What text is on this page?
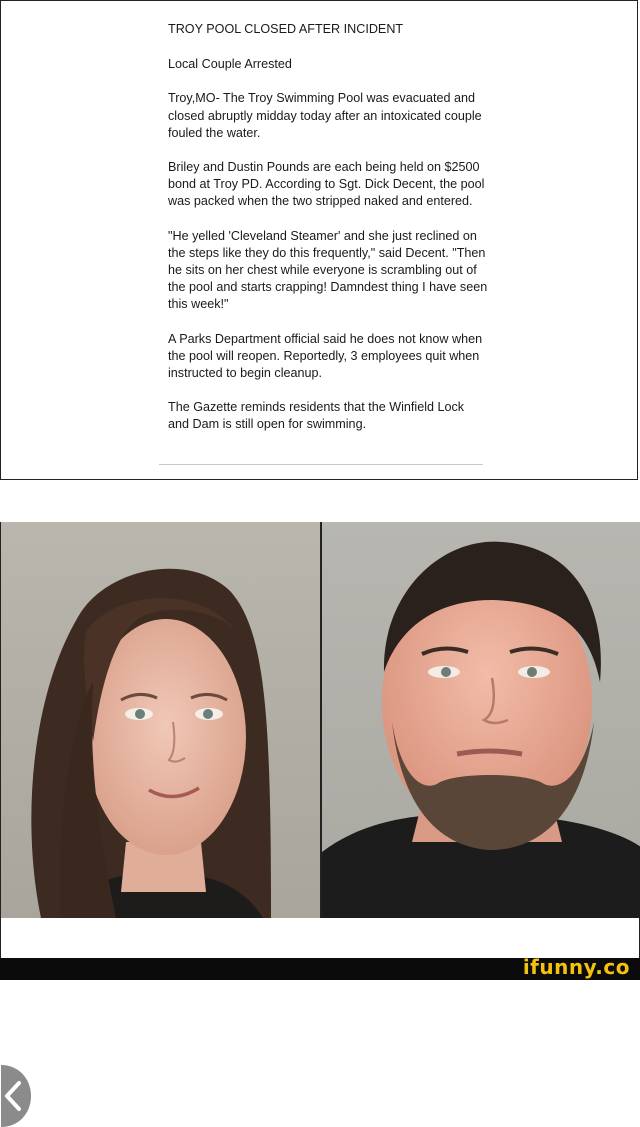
TROY POOL CLOSED AFTER INCIDENT

Local Couple Arrested

Troy,MO- The Troy Swimming Pool was evacuated and closed abruptly midday today after an intoxicated couple fouled the water.

Briley and Dustin Pounds are each being held on $2500 bond at Troy PD. According to Sgt. Dick Decent, the pool was packed when the two stripped naked and entered.

"He yelled 'Cleveland Steamer' and she just reclined on the steps like they do this frequently," said Decent. "Then he sits on her chest while everyone is scrambling out of the pool and starts crapping! Damndest thing I have seen this week!"

A Parks Department official said he does not know when the pool will reopen. Reportedly, 3 employees quit when instructed to begin cleanup.

The Gazette reminds residents that the Winfield Lock and Dam is still open for swimming.

ifunny.co
